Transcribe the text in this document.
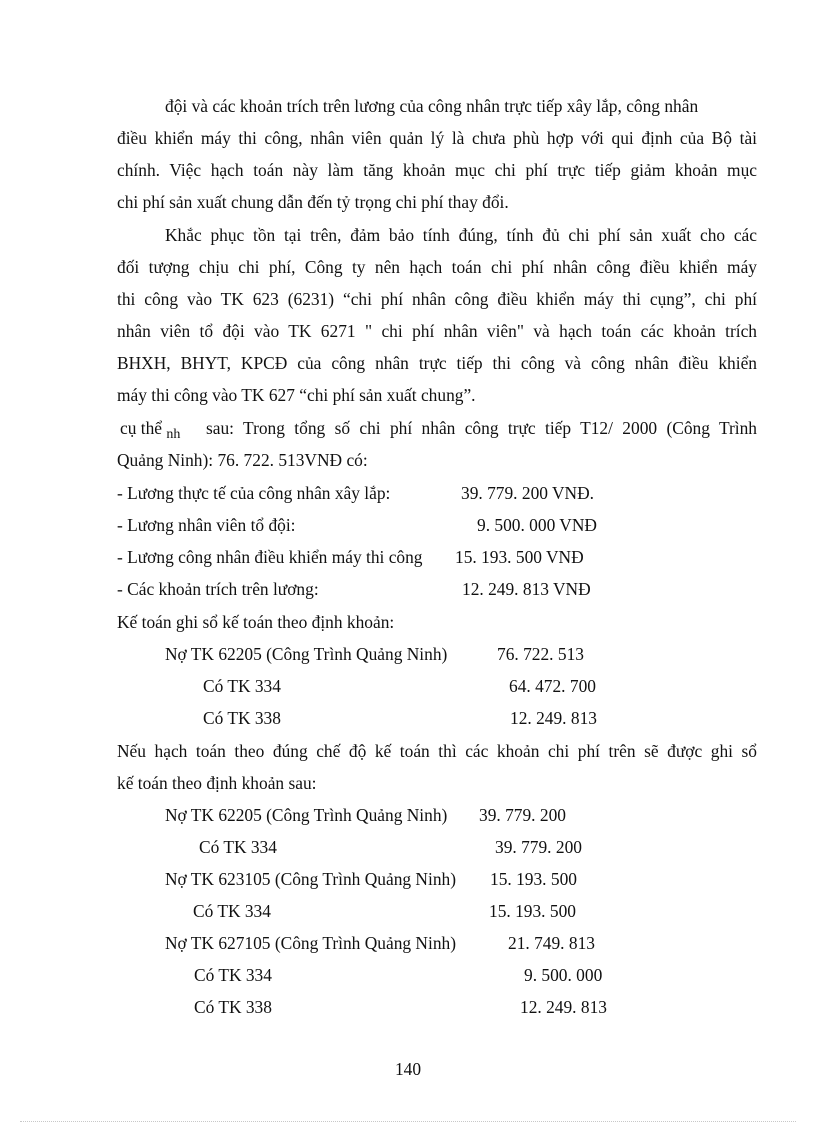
đội và các khoản trích trên lương của công nhân trực tiếp xây lắp, công nhân
điều khiển máy thi công, nhân viên quản lý là chưa phù hợp với qui định của Bộ tài
chính. Việc hạch toán này làm tăng khoản mục chi phí trực tiếp giảm khoản mục
chi phí sản xuất chung dẫn đến tỷ trọng chi phí thay đổi.
Khắc phục tồn tại trên, đảm bảo tính đúng, tính đủ chi phí sản xuất cho các
đối tượng chịu chi phí, Công ty nên hạch toán chi phí nhân công điều khiển máy
thi công vào TK 623 (6231) “chi phí nhân công điều khiển máy thi cụng”, chi phí
nhân viên tổ đội vào TK 6271 " chi phí nhân viên" và hạch toán các khoản trích
BHXH, BHYT, KPCĐ của công nhân trực tiếp thi công và công nhân điều khiển
máy thi công vào TK 627 “chi phí sản xuất chung”.
cụ thể $_{nh}$ sau: Trong tổng số chi phí nhân công trực tiếp T12/ 2000 (Công Trình
Quảng Ninh): 76. 722. 513VNĐ có:
- Lương thực tế của công nhân xây lắp:	39. 779. 200 VNĐ.
- Lương nhân viên tổ đội:	9. 500. 000 VNĐ
- Lương công nhân điều khiển máy thi công 15. 193. 500 VNĐ
- Các khoản trích trên lương:	12. 249. 813 VNĐ
Kế toán ghi sổ kế toán theo định khoản:
Nợ TK 62205 (Công Trình Quảng Ninh)	76. 722. 513
Có TK 334	64. 472. 700
Có TK 338	12. 249. 813
Nếu hạch toán theo đúng chế độ kế toán thì các khoản chi phí trên sẽ được ghi sổ
kế toán theo định khoản sau:
Nợ TK 62205 (Công Trình Quảng Ninh) 39. 779. 200
Có TK 334	39. 779. 200
Nợ TK 623105 (Công Trình Quảng Ninh) 15. 193. 500
Có TK 334	15. 193. 500
Nợ TK 627105 (Công Trình Quảng Ninh)	21. 749. 813
Có TK 334	9. 500. 000
Có TK 338	12. 249. 813
140
